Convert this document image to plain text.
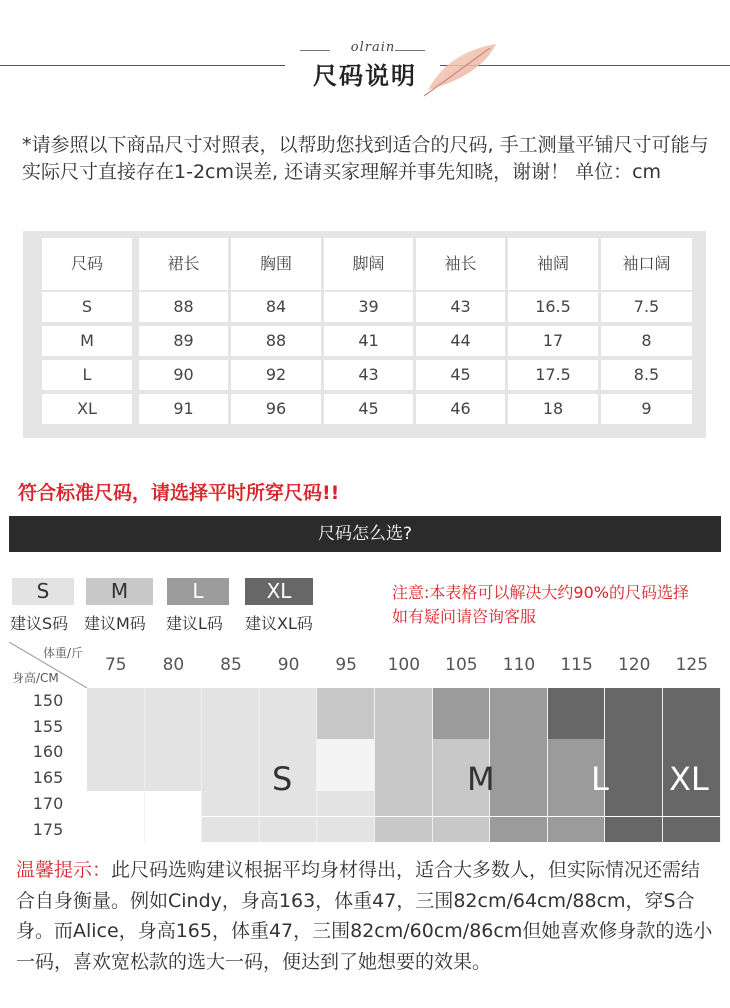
olrain
尺码说明
*请参照以下商品尺寸对照表，以帮助您找到适合的尺码, 手工测量平铺尺寸可能与实际尺寸直接存在1-2cm误差, 还请买家理解并事先知晓，谢谢！ 单位：cm
尺码	裙长	胸围	脚阔	袖长	袖阔	袖口阔
S	88	84	39	43	16.5	7.5
M	89	88	41	44	17	8
L	90	92	43	45	17.5	8.5
XL	91	96	45	46	18	9
符合标准尺码，请选择平时所穿尺码!!
尺码怎么选?
S
建议S码
M
建议M码
L
建议L码
XL
建议XL码
注意:本表格可以解决大约90%的尺码选择
如有疑问请咨询客服
体重/斤
身高/CM
75	80	85	90	95	100	105	110	115	120	125
150
155
160
165
170
175
S	M	L XL
温馨提示：此尺码选购建议根据平均身材得出，适合大多数人，但实际情况还需结合自身衡量。例如Cindy，身高163，体重47，三围82cm/64cm/88cm，穿S合身。而Alice，身高165，体重47，三围82cm/60cm/86cm但她喜欢修身款的选小一码，喜欢宽松款的选大一码，便达到了她想要的效果。
